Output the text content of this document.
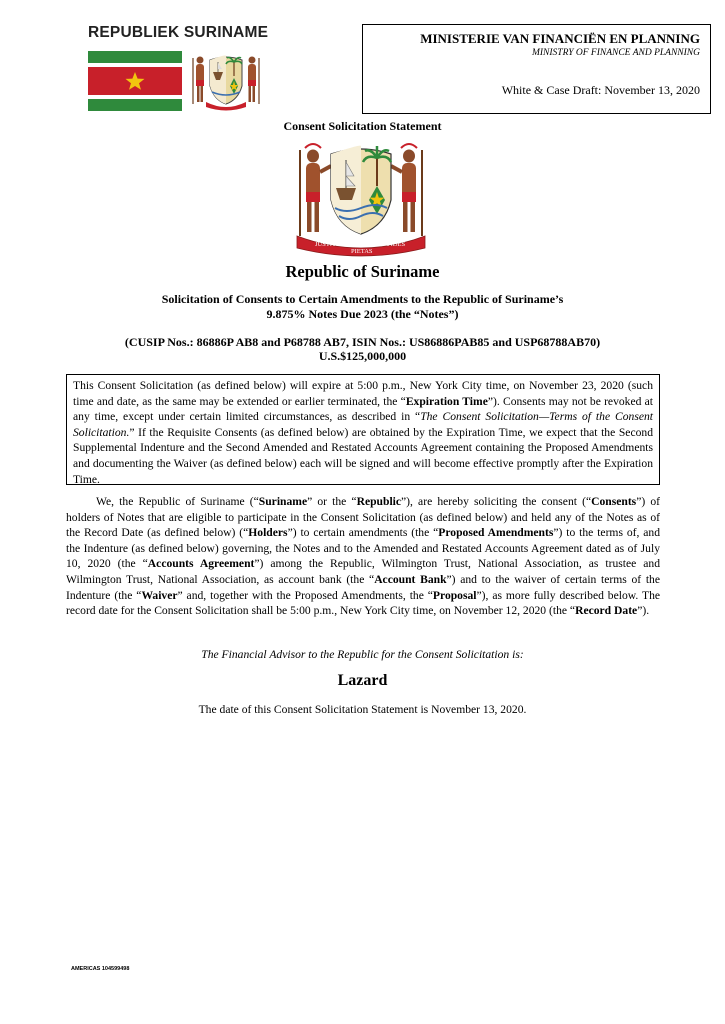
REPUBLIEK SURINAME	MINISTERIE VAN FINANCIËN EN PLANNING
MINISTRY OF FINANCE AND PLANNING
White & Case Draft: November 13, 2020
Consent Solicitation Statement
JUSTITIA
PIETAS
FIDES
Republic of Suriname
Solicitation of Consents to Certain Amendments to the Republic of Suriname’s
9.875% Notes Due 2023 (the “Notes”)
(CUSIP Nos.: 86886P AB8 and P68788 AB7, ISIN Nos.: US86886PAB85 and USP68788AB70)
U.S.$125,000,000

This Consent Solicitation (as defined below) will expire at 5:00 p.m., New York City time, on November 23, 2020 (such time and date, as the same may be extended or earlier terminated, the “Expiration Time”). Consents may not be revoked at any time, except under certain limited circumstances, as described in “The Consent Solicitation—Terms of the Consent Solicitation.” If the Requisite Consents (as defined below) are obtained by the Expiration Time, we expect that the Second Supplemental Indenture and the Second Amended and Restated Accounts Agreement containing the Proposed Amendments and documenting the Waiver (as defined below) each will be signed and will become effective promptly after the Expiration Time.

We, the Republic of Suriname (“Suriname” or the “Republic”), are hereby soliciting the consent (“Consents”) of holders of Notes that are eligible to participate in the Consent Solicitation (as defined below) and held any of the Notes as of the Record Date (as defined below) (“Holders”) to certain amendments (the “Proposed Amendments”) to the terms of, and the Indenture (as defined below) governing, the Notes and to the Amended and Restated Accounts Agreement dated as of July 10, 2020 (the “Accounts Agreement”) among the Republic, Wilmington Trust, National Association, as trustee and Wilmington Trust, National Association, as account bank (the “Account Bank”) and to the waiver of certain terms of the Indenture (the “Waiver” and, together with the Proposed Amendments, the “Proposal”), as more fully described below. The record date for the Consent Solicitation shall be 5:00 p.m., New York City time, on November 12, 2020 (the “Record Date”).

The Financial Advisor to the Republic for the Consent Solicitation is:
Lazard
The date of this Consent Solicitation Statement is November 13, 2020.
AMERICAS 104599498
